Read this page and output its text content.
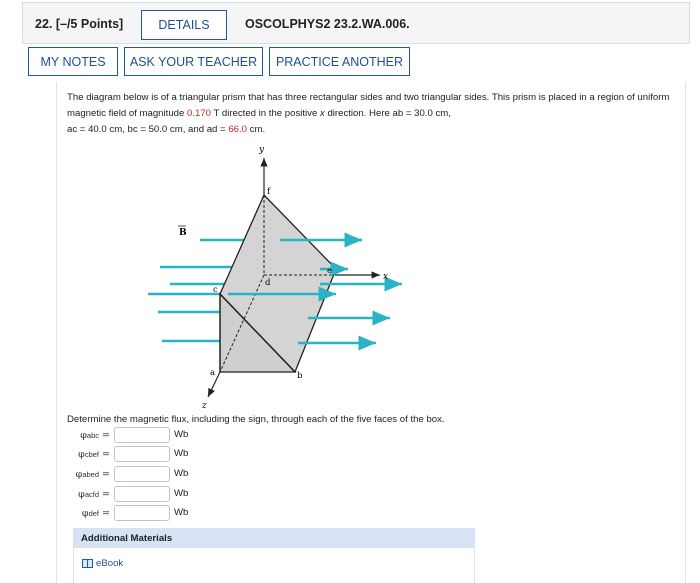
22. [–/5 Points]	DETAILS	OSCOLPHYS2 23.2.WA.006.
MY NOTES	ASK YOUR TEACHER	PRACTICE ANOTHER
The diagram below is of a triangular prism that has three rectangular sides and two triangular sides. This prism is placed in a region of uniform magnetic field of magnitude 0.170 T directed in the positive x direction. Here ab = 30.0 cm,
ac = 40.0 cm, bc = 50.0 cm, and ad = 66.0 cm.
y
x
z
B
f
e
d
c
a	b
Determine the magnetic flux, including the sign, through each of the five faces of the box.
φabc =	Wb
φcbef =	Wb
φabed =	Wb
φacfd =	Wb
φdef =	Wb
Additional Materials
eBook
